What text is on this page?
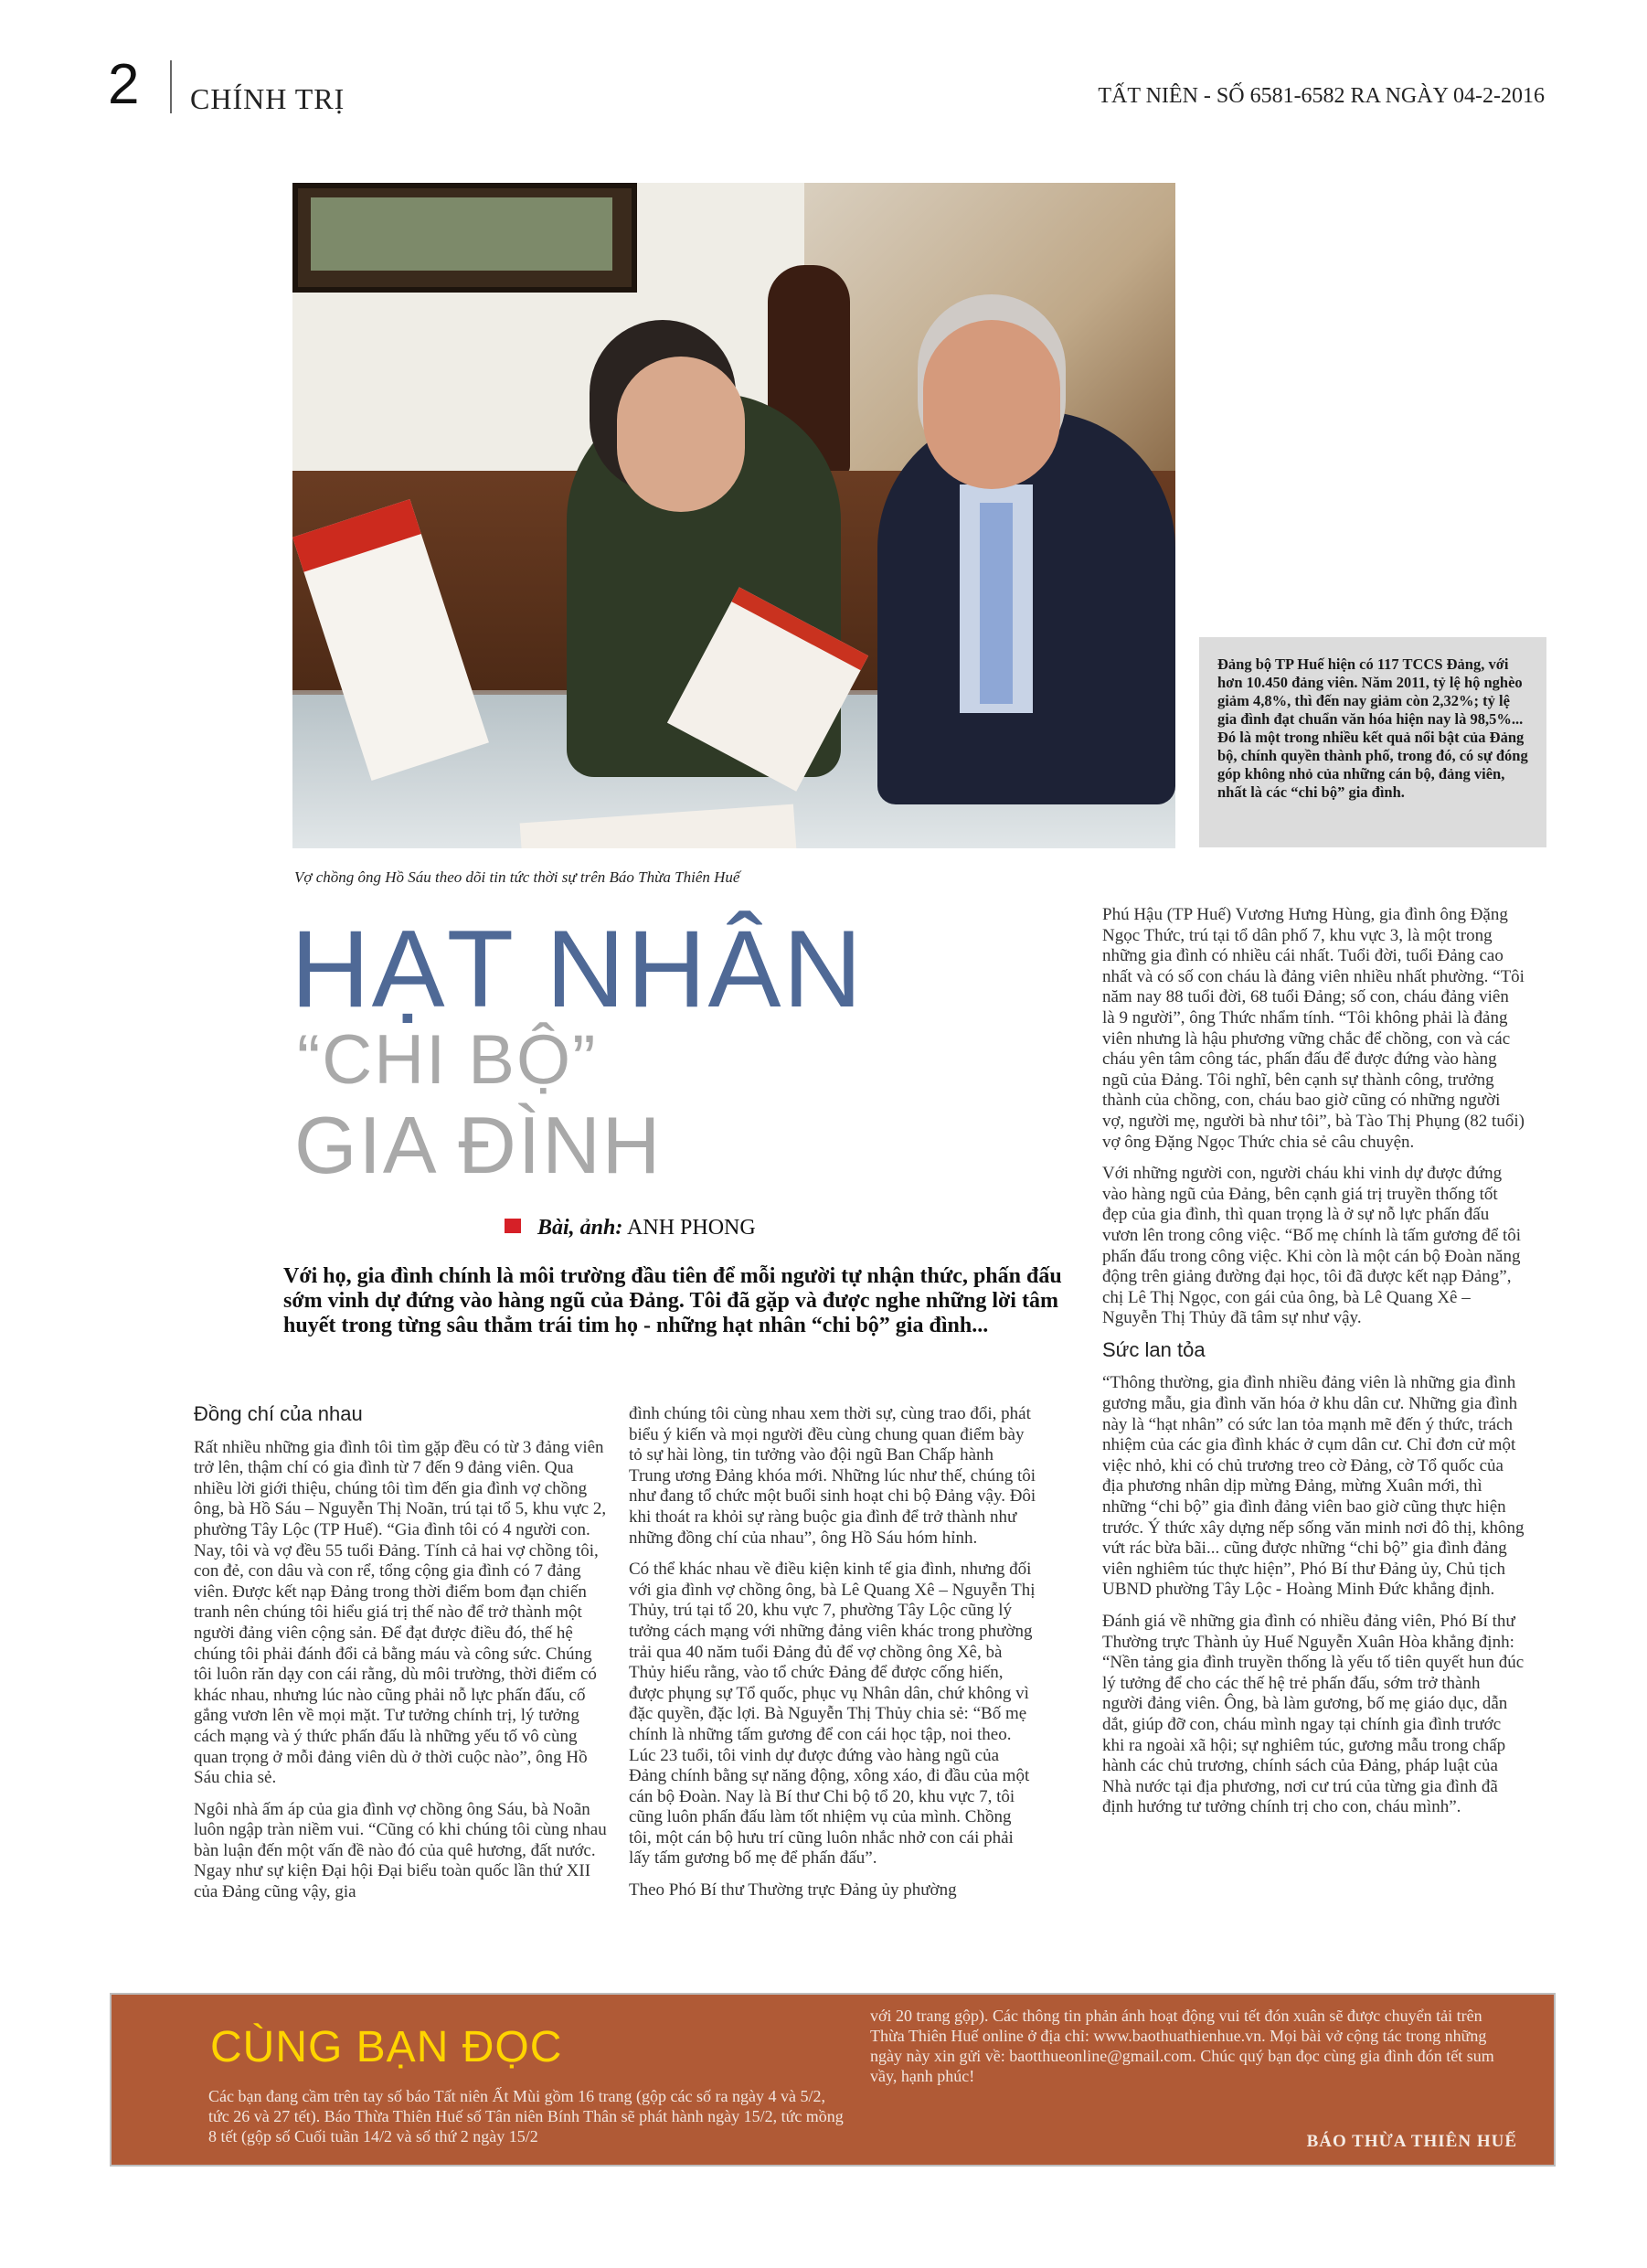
2 CHÍNH TRỊ	TẤT NIÊN - SỐ 6581-6582 RA NGÀY 04-2-2016
Đảng bộ TP Huế hiện có 117 TCCS Đảng, với hơn 10.450 đảng viên. Năm 2011, tỷ lệ hộ nghèo giảm 4,8%, thì đến nay giảm còn 2,32%; tỷ lệ gia đình đạt chuẩn văn hóa hiện nay là 98,5%... Đó là một trong nhiều kết quả nổi bật của Đảng bộ, chính quyền thành phố, trong đó, có sự đóng góp không nhỏ của những cán bộ, đảng viên, nhất là các “chi bộ” gia đình.
Vợ chồng ông Hồ Sáu theo dõi tin tức thời sự trên Báo Thừa Thiên Huế
HẠT NHÂN
“CHI BỘ”
GIA ĐÌNH
Bài, ảnh: ANH PHONG
Với họ, gia đình chính là môi trường đầu tiên để mỗi người tự nhận thức, phấn đấu sớm vinh dự đứng vào hàng ngũ của Đảng. Tôi đã gặp và được nghe những lời tâm huyết trong từng sâu thẳm trái tim họ - những hạt nhân “chi bộ” gia đình...
Đồng chí của nhau

Rất nhiều những gia đình tôi tìm gặp đều có từ 3 đảng viên trở lên, thậm chí có gia đình từ 7 đến 9 đảng viên. Qua nhiều lời giới thiệu, chúng tôi tìm đến gia đình vợ chồng ông, bà Hồ Sáu – Nguyễn Thị Noãn, trú tại tổ 5, khu vực 2, phường Tây Lộc (TP Huế). “Gia đình tôi có 4 người con. Nay, tôi và vợ đều 55 tuổi Đảng. Tính cả hai vợ chồng tôi, con đẻ, con dâu và con rể, tổng cộng gia đình có 7 đảng viên. Được kết nạp Đảng trong thời điểm bom đạn chiến tranh nên chúng tôi hiểu giá trị thế nào để trở thành một người đảng viên cộng sản. Để đạt được điều đó, thế hệ chúng tôi phải đánh đổi cả bằng máu và công sức. Chúng tôi luôn răn dạy con cái rằng, dù môi trường, thời điểm có khác nhau, nhưng lúc nào cũng phải nỗ lực phấn đấu, cố gắng vươn lên về mọi mặt. Tư tưởng chính trị, lý tưởng cách mạng và ý thức phấn đấu là những yếu tố vô cùng quan trọng ở mỗi đảng viên dù ở thời cuộc nào”, ông Hồ Sáu chia sẻ.

Ngôi nhà ấm áp của gia đình vợ chồng ông Sáu, bà Noãn luôn ngập tràn niềm vui. “Cũng có khi chúng tôi cùng nhau bàn luận đến một vấn đề nào đó của quê hương, đất nước. Ngay như sự kiện Đại hội Đại biểu toàn quốc lần thứ XII của Đảng cũng vậy, gia

đình chúng tôi cùng nhau xem thời sự, cùng trao đổi, phát biểu ý kiến và mọi người đều cùng chung quan điểm bày tỏ sự hài lòng, tin tưởng vào đội ngũ Ban Chấp hành Trung ương Đảng khóa mới. Những lúc như thế, chúng tôi như đang tổ chức một buổi sinh hoạt chi bộ Đảng vậy. Đôi khi thoát ra khỏi sự ràng buộc gia đình để trở thành như những đồng chí của nhau”, ông Hồ Sáu hóm hỉnh.

Có thể khác nhau về điều kiện kinh tế gia đình, nhưng đối với gia đình vợ chồng ông, bà Lê Quang Xê – Nguyễn Thị Thủy, trú tại tổ 20, khu vực 7, phường Tây Lộc cũng lý tưởng cách mạng với những đảng viên khác trong phường trải qua 40 năm tuổi Đảng đủ để vợ chồng ông Xê, bà Thủy hiểu rằng, vào tổ chức Đảng để được cống hiến, được phụng sự Tổ quốc, phục vụ Nhân dân, chứ không vì đặc quyền, đặc lợi. Bà Nguyễn Thị Thủy chia sẻ: “Bố mẹ chính là những tấm gương để con cái học tập, noi theo. Lúc 23 tuổi, tôi vinh dự được đứng vào hàng ngũ của Đảng chính bằng sự năng động, xông xáo, đi đầu của một cán bộ Đoàn. Nay là Bí thư Chi bộ tổ 20, khu vực 7, tôi cũng luôn phấn đấu làm tốt nhiệm vụ của mình. Chồng tôi, một cán bộ hưu trí cũng luôn nhắc nhở con cái phải lấy tấm gương bố mẹ để phấn đấu”.

Theo Phó Bí thư Thường trực Đảng ủy phường

Phú Hậu (TP Huế) Vương Hưng Hùng, gia đình ông Đặng Ngọc Thức, trú tại tổ dân phố 7, khu vực 3, là một trong những gia đình có nhiều cái nhất. Tuổi đời, tuổi Đảng cao nhất và có số con cháu là đảng viên nhiều nhất phường. “Tôi năm nay 88 tuổi đời, 68 tuổi Đảng; số con, cháu đảng viên là 9 người”, ông Thức nhẩm tính. “Tôi không phải là đảng viên nhưng là hậu phương vững chắc để chồng, con và các cháu yên tâm công tác, phấn đấu để được đứng vào hàng ngũ của Đảng. Tôi nghĩ, bên cạnh sự thành công, trưởng thành của chồng, con, cháu bao giờ cũng có những người vợ, người mẹ, người bà như tôi”, bà Tào Thị Phụng (82 tuổi) vợ ông Đặng Ngọc Thức chia sẻ câu chuyện.

Với những người con, người cháu khi vinh dự được đứng vào hàng ngũ của Đảng, bên cạnh giá trị truyền thống tốt đẹp của gia đình, thì quan trọng là ở sự nỗ lực phấn đấu vươn lên trong công việc. “Bố mẹ chính là tấm gương để tôi phấn đấu trong công việc. Khi còn là một cán bộ Đoàn năng động trên giảng đường đại học, tôi đã được kết nạp Đảng”, chị Lê Thị Ngọc, con gái của ông, bà Lê Quang Xê – Nguyễn Thị Thủy đã tâm sự như vậy.

Sức lan tỏa

“Thông thường, gia đình nhiều đảng viên là những gia đình gương mẫu, gia đình văn hóa ở khu dân cư. Những gia đình này là “hạt nhân” có sức lan tỏa mạnh mẽ đến ý thức, trách nhiệm của các gia đình khác ở cụm dân cư. Chỉ đơn cử một việc nhỏ, khi có chủ trương treo cờ Đảng, cờ Tổ quốc của địa phương nhân dịp mừng Đảng, mừng Xuân mới, thì những “chi bộ” gia đình đảng viên bao giờ cũng thực hiện trước. Ý thức xây dựng nếp sống văn minh nơi đô thị, không vứt rác bừa bãi... cũng được những “chi bộ” gia đình đảng viên nghiêm túc thực hiện”, Phó Bí thư Đảng ủy, Chủ tịch UBND phường Tây Lộc - Hoàng Minh Đức khẳng định.

Đánh giá về những gia đình có nhiều đảng viên, Phó Bí thư Thường trực Thành ủy Huế Nguyễn Xuân Hòa khẳng định: “Nền tảng gia đình truyền thống là yếu tố tiên quyết hun đúc lý tưởng để cho các thế hệ trẻ phấn đấu, sớm trở thành người đảng viên. Ông, bà làm gương, bố mẹ giáo dục, dẫn dắt, giúp đỡ con, cháu mình ngay tại chính gia đình trước khi ra ngoài xã hội; sự nghiêm túc, gương mẫu trong chấp hành các chủ trương, chính sách của Đảng, pháp luật của Nhà nước tại địa phương, nơi cư trú của từng gia đình đã định hướng tư tưởng chính trị cho con, cháu mình”.

CÙNG BẠN ĐỌC
Các bạn đang cầm trên tay số báo Tất niên Ất Mùi gồm 16 trang (gộp các số ra ngày 4 và 5/2, tức 26 và 27 tết). Báo Thừa Thiên Huế số Tân niên Bính Thân sẽ phát hành ngày 15/2, tức mồng 8 tết (gộp số Cuối tuần 14/2 và số thứ 2 ngày 15/2
với 20 trang gộp). Các thông tin phản ánh hoạt động vui tết đón xuân sẽ được chuyển tải trên Thừa Thiên Huế online ở địa chỉ: www.baothuathienhue.vn. Mọi bài vở cộng tác trong những ngày này xin gửi về: baotthueonline@gmail.com. Chúc quý bạn đọc cùng gia đình đón tết sum vầy, hạnh phúc!
BÁO THỪA THIÊN HUẾ
